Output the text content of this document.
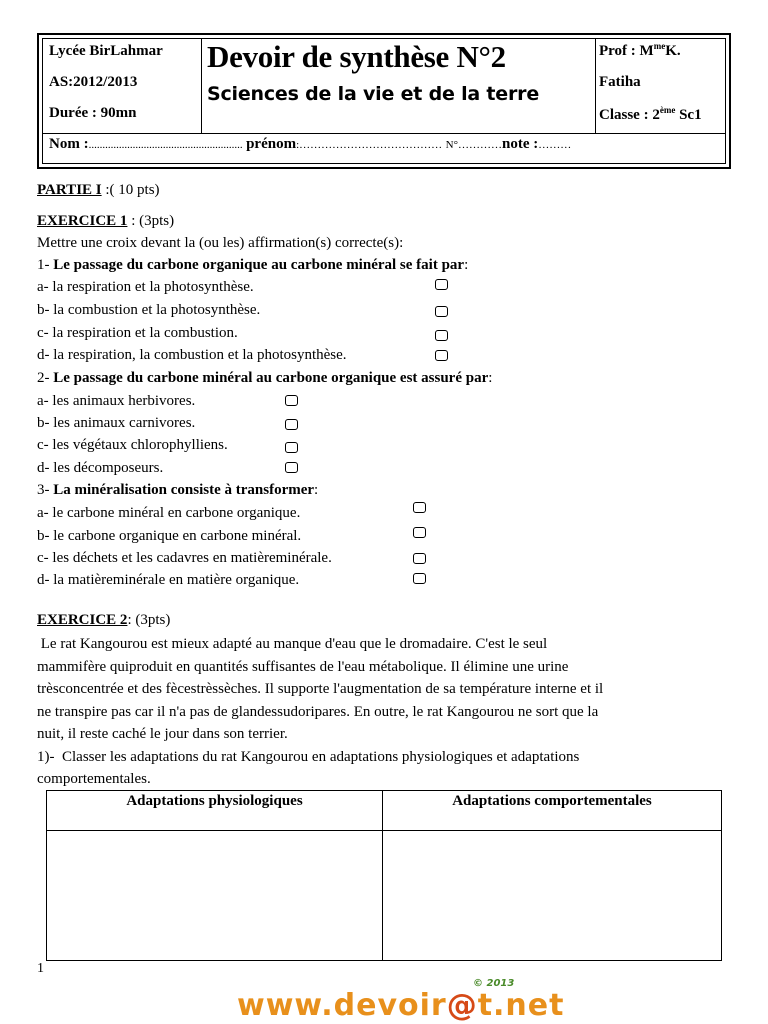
Lycée BirLahmar
AS:2012/2013
Durée : 90mn
Devoir de synthèse N°2
Sciences de la vie et de la terre
Prof : $M^{me}K$.
Fatiha
Classe : 2ème Sc1
Nom :........................................................ prénom:………………………………… N°…………note :………
PARTIE I :( 10 pts)
EXERCICE 1 : (3pts)
Mettre une croix devant la (ou les) affirmation(s) correcte(s):
1- Le passage du carbone organique au carbone minéral se fait par:
a- la respiration et la photosynthèse.
b- la combustion et la photosynthèse.
c- la respiration et la combustion.
d- la respiration, la combustion et la photosynthèse.
2- Le passage du carbone minéral au carbone organique est assuré par:
a- les animaux herbivores.
b- les animaux carnivores.
c- les végétaux chlorophylliens.
d- les décomposeurs.
3- La minéralisation consiste à transformer:
a- le carbone minéral en carbone organique.
b- le carbone organique en carbone minéral.
c- les déchets et les cadavres en matièreminérale.
d- la matièreminérale en matière organique.
EXERCICE 2: (3pts)
Le rat Kangourou est mieux adapté au manque d'eau que le dromadaire. C'est le seul
mammifère quiproduit en quantités suffisantes de l'eau métabolique. Il élimine une urine
trèsconcentrée et des fècestrèssèches. Il supporte l'augmentation de sa température interne et il
ne transpire pas car il n'a pas de glandessudoripares. En outre, le rat Kangourou ne sort que la
nuit, il reste caché le jour dans son terrier.
1)-  Classer les adaptations du rat Kangourou en adaptations physiologiques et adaptations
comportementales.
Adaptations physiologiques	Adaptations comportementales
1
www.devoir@t.net
© 2013
